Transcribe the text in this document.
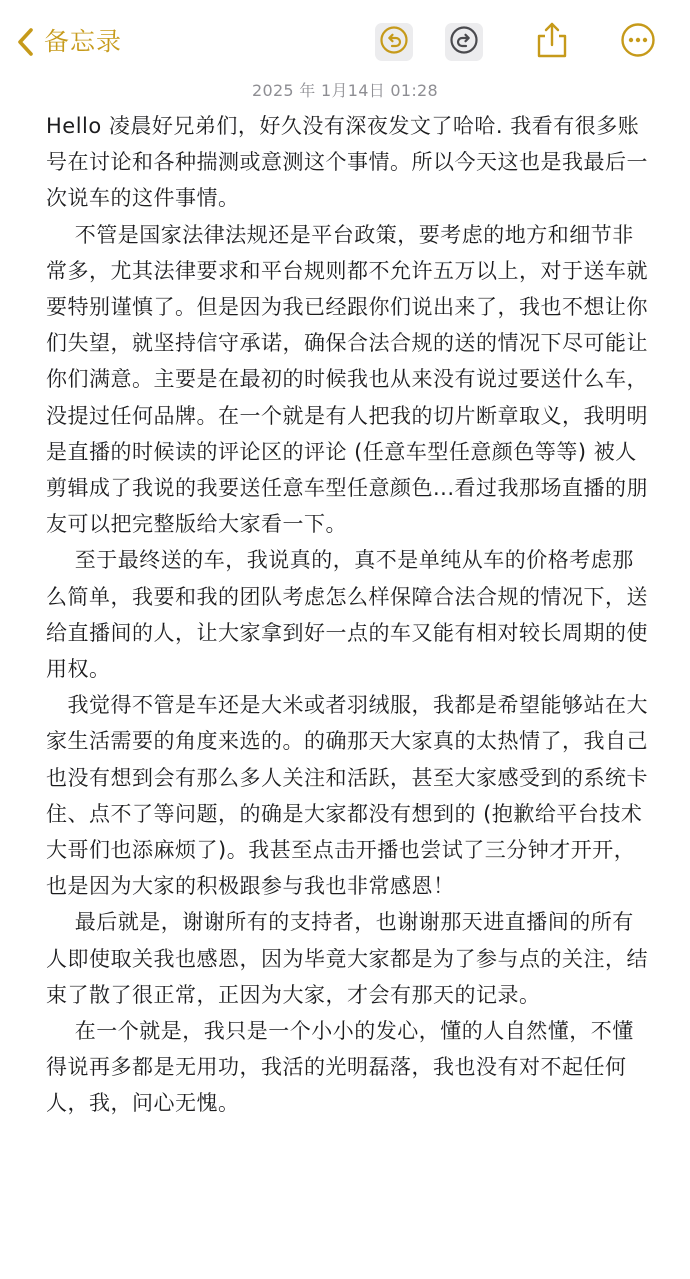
备忘录
2025 年 1月14日 01:28

Hello 凌晨好兄弟们，好久没有深夜发文了哈哈. 我看有很多账号在讨论和各种揣测或意测这个事情。所以今天这也是我最后一次说车的这件事情。

不管是国家法律法规还是平台政策，要考虑的地方和细节非常多，尤其法律要求和平台规则都不允许五万以上，对于送车就要特别谨慎了。但是因为我已经跟你们说出来了，我也不想让你们失望，就坚持信守承诺，确保合法合规的送的情况下尽可能让你们满意。主要是在最初的时候我也从来没有说过要送什么车，没提过任何品牌。在一个就是有人把我的切片断章取义，我明明是直播的时候读的评论区的评论 (任意车型任意颜色等等) 被人剪辑成了我说的我要送任意车型任意颜色...看过我那场直播的朋友可以把完整版给大家看一下。

至于最终送的车，我说真的，真不是单纯从车的价格考虑那么简单，我要和我的团队考虑怎么样保障合法合规的情况下，送给直播间的人，让大家拿到好一点的车又能有相对较长周期的使用权。

我觉得不管是车还是大米或者羽绒服，我都是希望能够站在大家生活需要的角度来选的。的确那天大家真的太热情了，我自己也没有想到会有那么多人关注和活跃，甚至大家感受到的系统卡住、点不了等问题，的确是大家都没有想到的 (抱歉给平台技术大哥们也添麻烦了)。我甚至点击开播也尝试了三分钟才开开，也是因为大家的积极跟参与我也非常感恩！

最后就是，谢谢所有的支持者，也谢谢那天进直播间的所有人即使取关我也感恩，因为毕竟大家都是为了参与点的关注，结束了散了很正常，正因为大家，才会有那天的记录。

在一个就是，我只是一个小小的发心，懂的人自然懂，不懂得说再多都是无用功，我活的光明磊落，我也没有对不起任何人，我，问心无愧。
